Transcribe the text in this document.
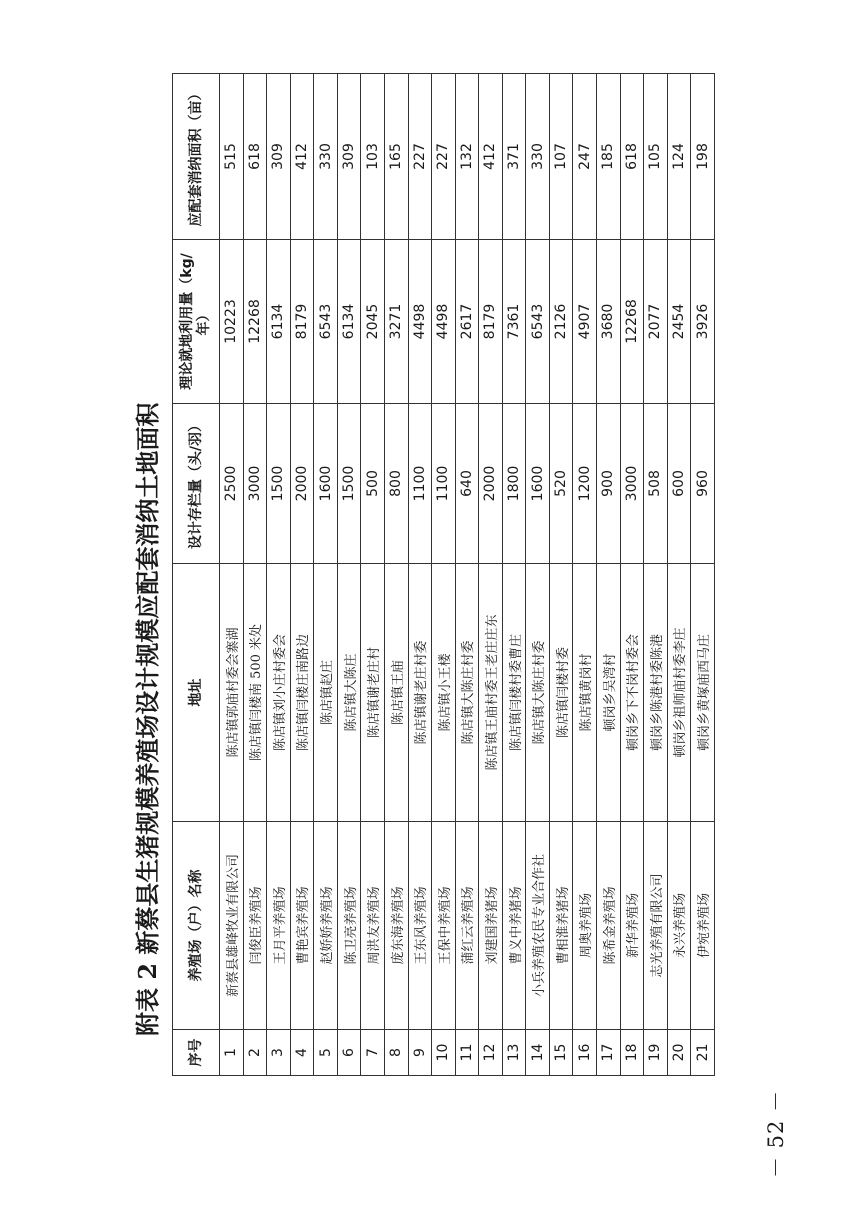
－ 52 －
附表 2 新蔡县生猪规模养殖场设计规模应配套消纳土地面积
序号	养殖场（户）名称	地址	设计存栏量（头/羽）	理论就地利用量（kg/年）	应配套消纳面积（亩）
1	新蔡县雄峰牧业有限公司	陈店镇郭庙村委会寨湖	2500	10223	515
2	闫俊臣养殖场	陈店镇闫楼南 500 米处	3000	12268	618
3	王月平养殖场	陈店镇刘小庄村委会	1500	6134	309
4	曹艳宾养殖场	陈店镇闫楼庄南路边	2000	8179	412
5	赵娇娇养殖场	陈店镇赵庄	1600	6543	330
6	陈卫亮养殖场	陈店镇大陈庄	1500	6134	309
7	周洪友养殖场	陈店镇谢老庄村	500	2045	103
8	庞东海养殖场	陈店镇王庙	800	3271	165
9	王东风养殖场	陈店镇谢老庄村委	1100	4498	227
10	王保中养殖场	陈店镇小王楼	1100	4498	227
11	蒲红云养殖场	陈店镇大陈庄村委	640	2617	132
12	刘建国养猪场	陈店镇王庙村委王老庄庄东	2000	8179	412
13	曹义中养猪场	陈店镇闫楼村委曹庄	1800	7361	371
14	小兵养殖农民专业合作社	陈店镇大陈庄村委	1600	6543	330
15	曹相淮养猪场	陈店镇闫楼村委	520	2126	107
16	周奥养殖场	陈店镇黄岗村	1200	4907	247
17	陈希金养殖场	顿岗乡吴湾村	900	3680	185
18	新华养殖场	顿岗乡下不岗村委会	3000	12268	618
19	志光养殖有限公司	顿岗乡陈港村委陈港	508	2077	105
20	永兴养殖场	顿岗乡祖师庙村委李庄	600	2454	124
21	伊宛养殖场	顿岗乡黄塚庙西马庄	960	3926	198
